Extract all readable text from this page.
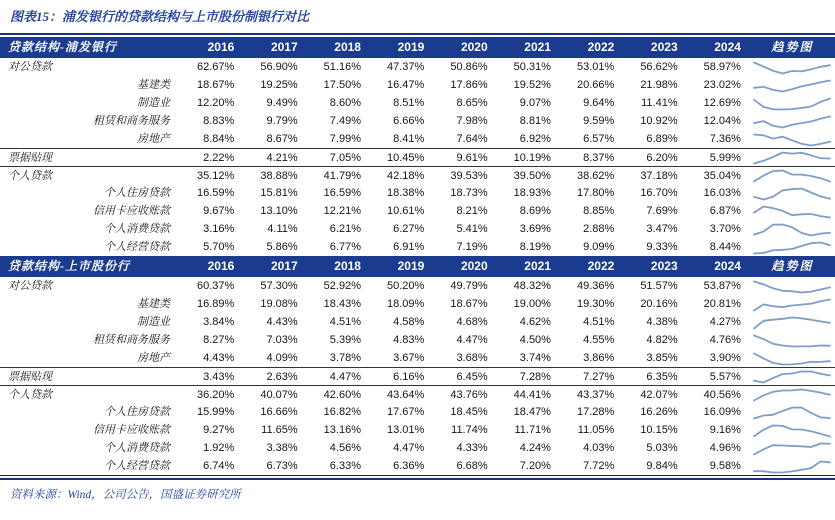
图表15：浦发银行的贷款结构与上市股份制银行对比
贷款结构-浦发银行	2016	2017	2018	2019	2020	2021	2022	2023	2024	趋势图
对公贷款	62.67%	56.90%	51.16%	47.37%	50.86%	50.31%	53.01%	56.62%	58.97%
基建类	18.67%	19.25%	17.50%	16.47%	17.86%	19.52%	20.66%	21.98%	23.02%
制造业	12.20%	9.49%	8.60%	8.51%	8.65%	9.07%	9.64%	11.41%	12.69%
租赁和商务服务	8.83%	9.79%	7.49%	6.66%	7.98%	8.81%	9.59%	10.92%	12.04%
房地产	8.84%	8.67%	7.99%	8.41%	7.64%	6.92%	6.57%	6.89%	7.36%
票据贴现	2.22%	4.21%	7.05%	10.45%	9.61%	10.19%	8.37%	6.20%	5.99%
个人贷款	35.12%	38.88%	41.79%	42.18%	39.53%	39.50%	38.62%	37.18%	35.04%
个人住房贷款	16.59%	15.81%	16.59%	18.38%	18.73%	18.93%	17.80%	16.70%	16.03%
信用卡应收账款	9.67%	13.10%	12.21%	10.61%	8.21%	8.69%	8.85%	7.69%	6.87%
个人消费贷款	3.16%	4.11%	6.21%	6.27%	5.41%	3.69%	2.88%	3.47%	3.70%
个人经营贷款	5.70%	5.86%	6.77%	6.91%	7.19%	8.19%	9.09%	9.33%	8.44%
贷款结构-上市股份行	2016	2017	2018	2019	2020	2021	2022	2023	2024	趋势图
对公贷款	60.37%	57.30%	52.92%	50.20%	49.79%	48.32%	49.36%	51.57%	53.87%
基建类	16.89%	19.08%	18.43%	18.09%	18.67%	19.00%	19.30%	20.16%	20.81%
制造业	3.84%	4.43%	4.51%	4.58%	4.68%	4.62%	4.51%	4.38%	4.27%
租赁和商务服务	8.27%	7.03%	5.39%	4.83%	4.47%	4.50%	4.55%	4.82%	4.76%
房地产	4.43%	4.09%	3.78%	3.67%	3.68%	3.74%	3.86%	3.85%	3.90%
票据贴现	3.43%	2.63%	4.47%	6.16%	6.45%	7.28%	7.27%	6.35%	5.57%
个人贷款	36.20%	40.07%	42.60%	43.64%	43.76%	44.41%	43.37%	42.07%	40.56%
个人住房贷款	15.99%	16.66%	16.82%	17.67%	18.45%	18.47%	17.28%	16.26%	16.09%
信用卡应收账款	9.27%	11.65%	13.16%	13.01%	11.74%	11.71%	11.05%	10.15%	9.16%
个人消费贷款	1.92%	3.38%	4.56%	4.47%	4.33%	4.24%	4.03%	5.03%	4.96%
个人经营贷款	6.74%	6.73%	6.33%	6.36%	6.68%	7.20%	7.72%	9.84%	9.58%
资料来源：Wind，公司公告，国盛证券研究所
